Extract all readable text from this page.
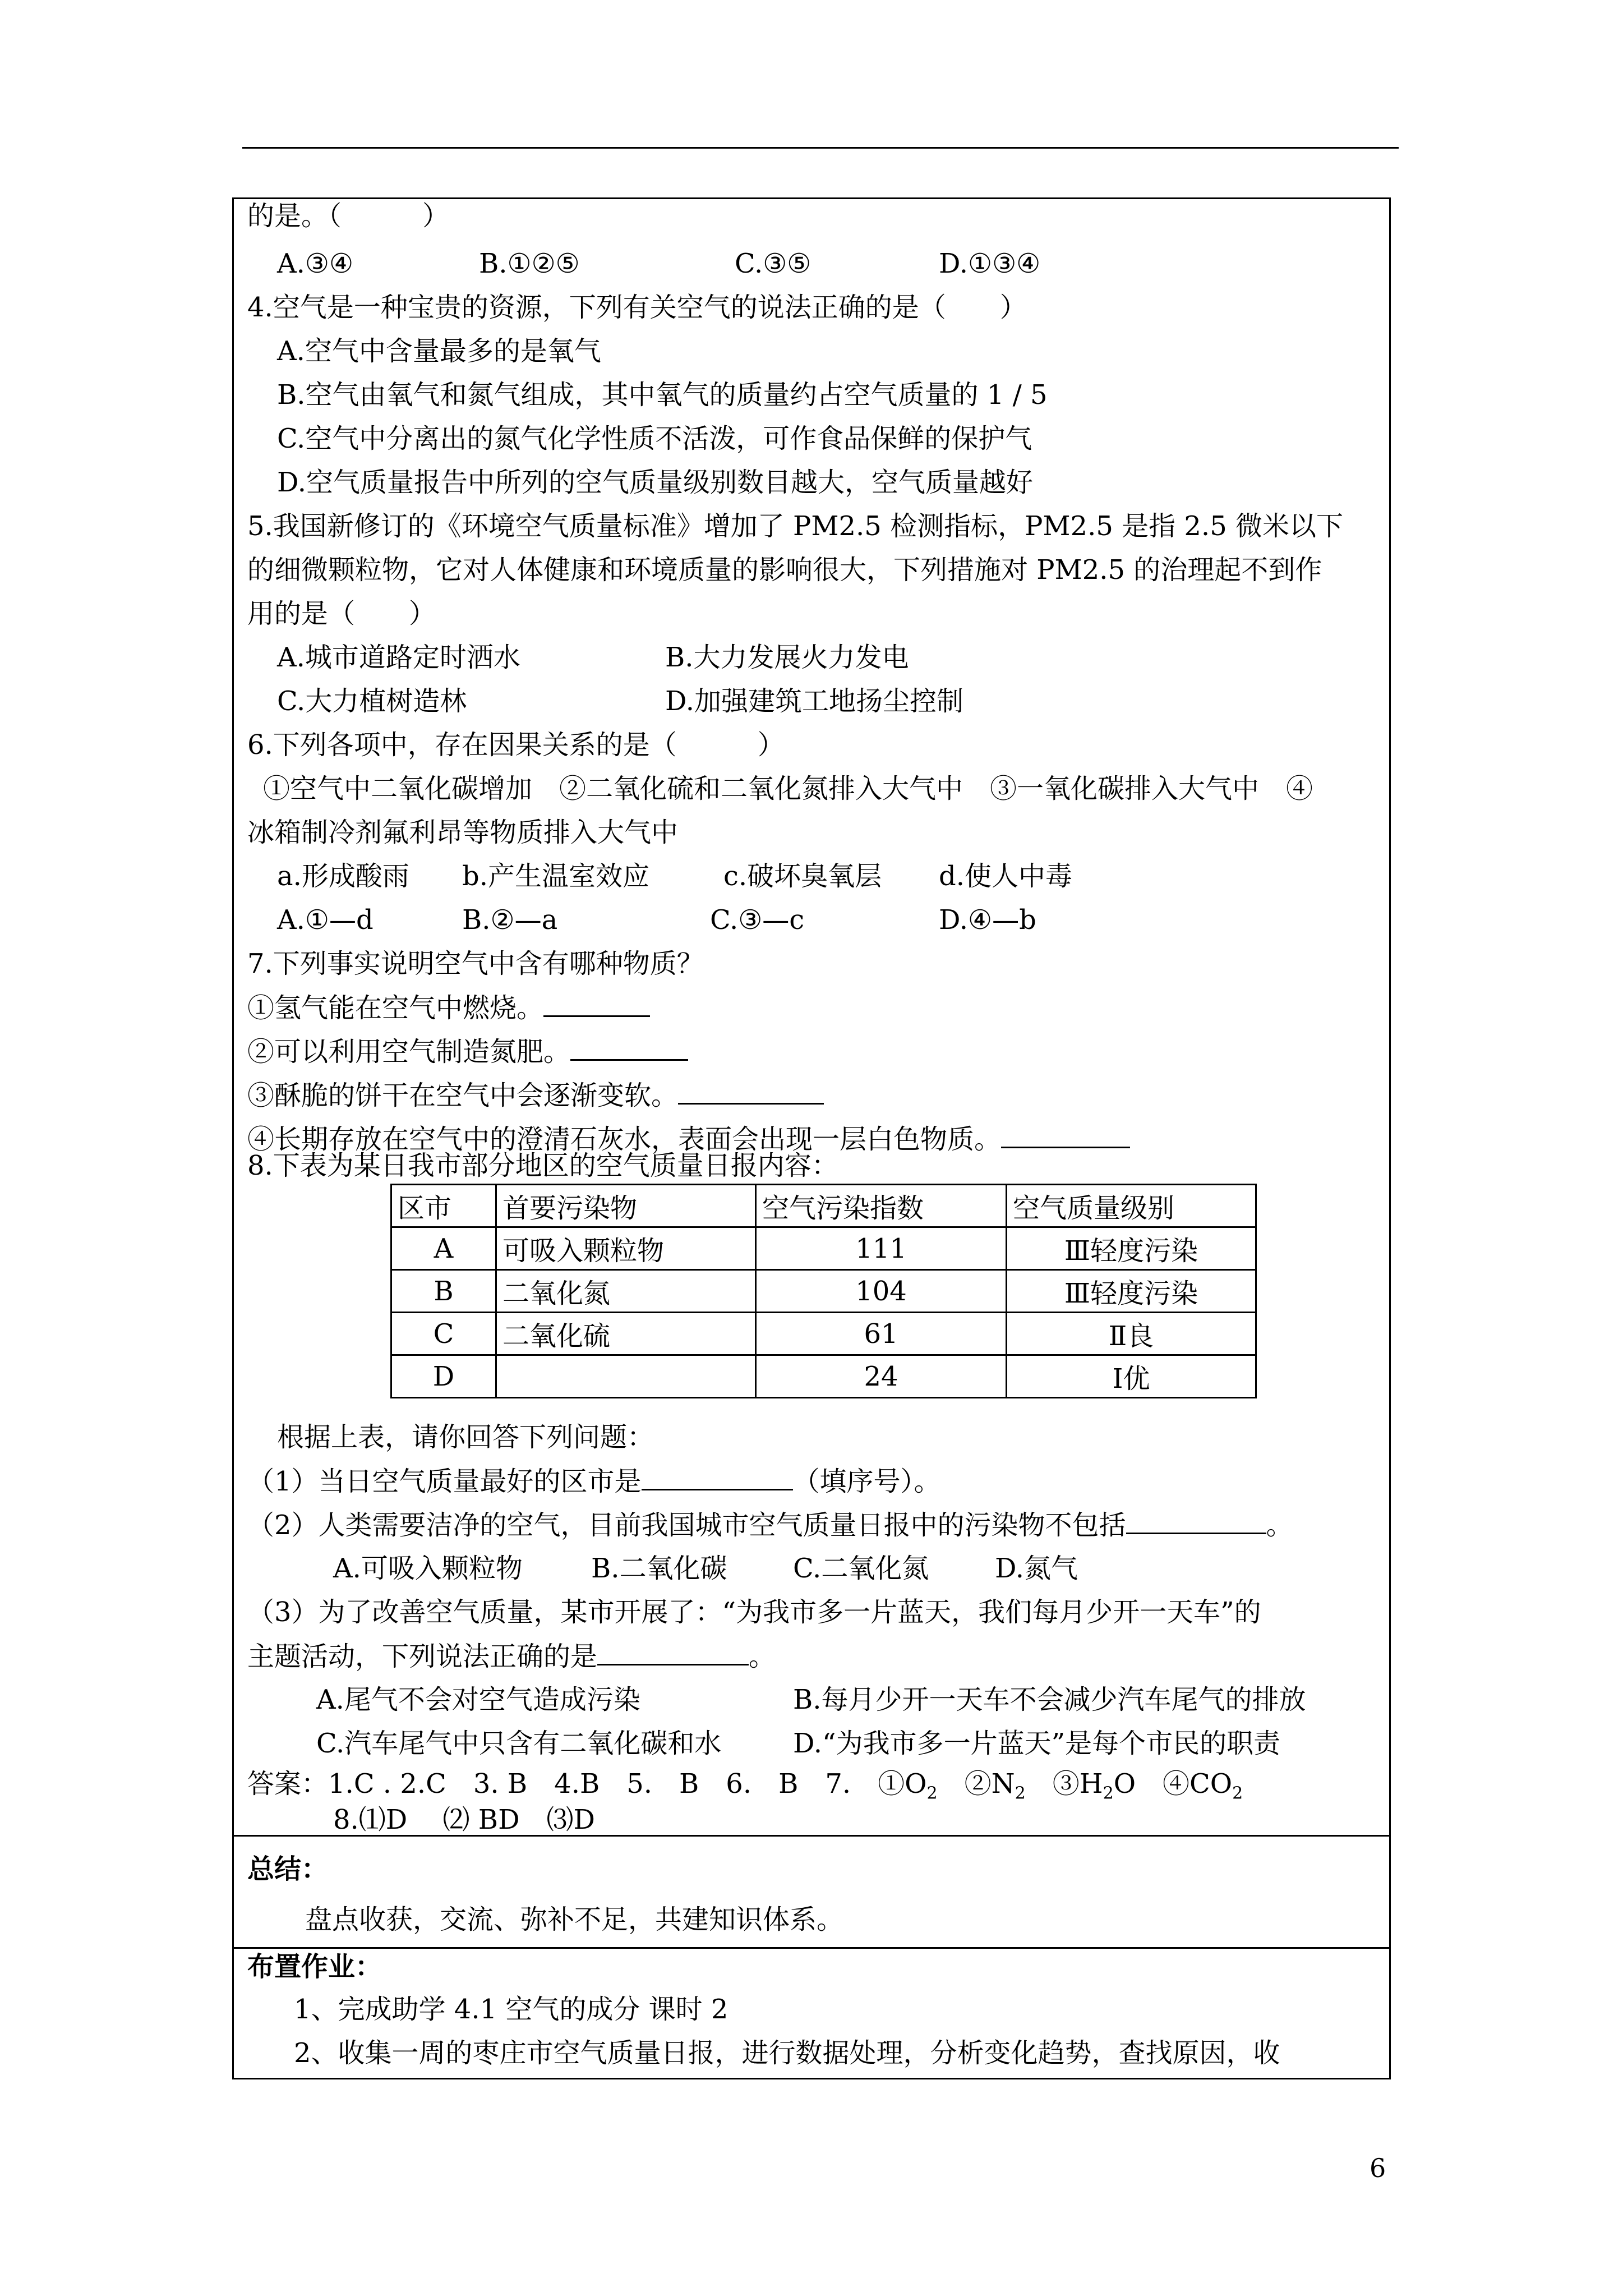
的是。（　　　）
A.③④	B.①②⑤	C.③⑤	D.①③④
4.空气是一种宝贵的资源，下列有关空气的说法正确的是（　　）
A.空气中含量最多的是氧气
B.空气由氧气和氮气组成，其中氧气的质量约占空气质量的 1 / 5
C.空气中分离出的氮气化学性质不活泼，可作食品保鲜的保护气
D.空气质量报告中所列的空气质量级别数目越大，空气质量越好
5.我国新修订的《环境空气质量标准》增加了 PM2.5 检测指标，PM2.5 是指 2.5 微米以下
的细微颗粒物，它对人体健康和环境质量的影响很大，下列措施对 PM2.5 的治理起不到作
用的是（　　）
A.城市道路定时洒水	B.大力发展火力发电
C.大力植树造林	D.加强建筑工地扬尘控制
6.下列各项中，存在因果关系的是（　　　）
①空气中二氧化碳增加　②二氧化硫和二氧化氮排入大气中　③一氧化碳排入大气中　④
冰箱制冷剂氟利昂等物质排入大气中
a.形成酸雨 b.产生温室效应	c.破坏臭氧层 d.使人中毒
A.①—d	B.②—a	C.③—c	D.④—b
7.下列事实说明空气中含有哪种物质？
①氢气能在空气中燃烧。
②可以利用空气制造氮肥。
③酥脆的饼干在空气中会逐渐变软。
④长期存放在空气中的澄清石灰水，表面会出现一层白色物质。
8.下表为某日我市部分地区的空气质量日报内容：
区市	首要污染物	空气污染指数	空气质量级别
A	可吸入颗粒物	111	Ⅲ轻度污染
B	二氧化氮	104	Ⅲ轻度污染
C	二氧化硫	61	Ⅱ良
D		24	Ⅰ优
根据上表，请你回答下列问题：
（1）当日空气质量最好的区市是	（填序号）。
（2）人类需要洁净的空气，目前我国城市空气质量日报中的污染物不包括	。
A.可吸入颗粒物	B.二氧化碳 C.二氧化氮 D.氮气
（3）为了改善空气质量，某市开展了：“为我市多一片蓝天，我们每月少开一天车”的
主题活动，下列说法正确的是	。
A.尾气不会对空气造成污染	B.每月少开一天车不会减少汽车尾气的排放
C.汽车尾气中只含有二氧化碳和水	D.“为我市多一片蓝天”是每个市民的职责
答案：1.C . 2.C　3. B　4.B　5.　B　6.　B　7.　$①O_2$　$②N_2$　$③H_2O$　$④CO_2$
8.⑴D　 ⑵ BD　⑶D
总结：
盘点收获，交流、弥补不足，共建知识体系。
布置作业：
1、完成助学 4.1 空气的成分 课时 2
2、收集一周的枣庄市空气质量日报，进行数据处理，分析变化趋势，查找原因，收
6
